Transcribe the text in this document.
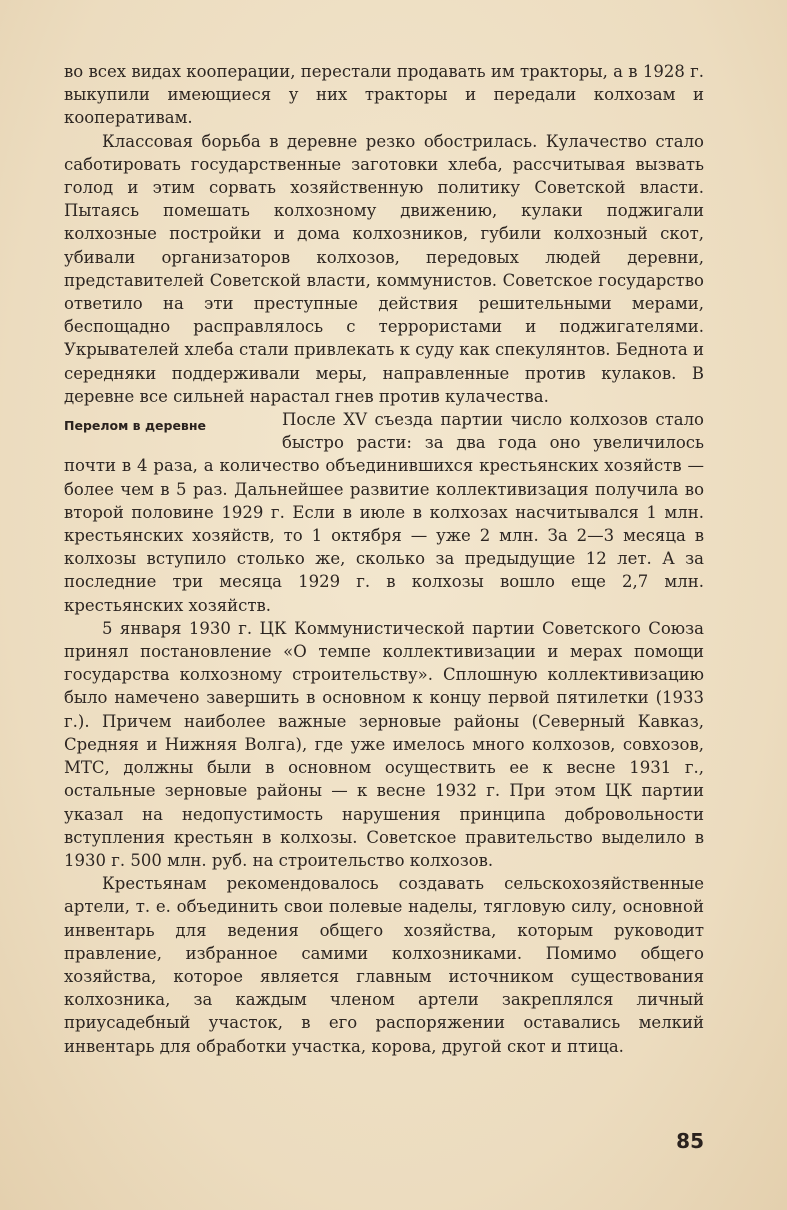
во всех видах кооперации, перестали продавать им тракторы, а в 1928 г. выкупили имеющиеся у них тракторы и передали колхозам и кооперативам.

Классовая борьба в деревне резко обострилась. Кулачество стало саботировать государственные заготовки хлеба, рассчитывая вызвать голод и этим сорвать хозяйственную политику Советской власти. Пытаясь помешать колхозному движению, кулаки поджигали колхозные постройки и дома колхозников, губили колхозный скот, убивали организаторов колхозов, передовых людей деревни, представителей Советской власти, коммунистов. Советское государство ответило на эти преступные действия решительными мерами, беспощадно расправлялось с террористами и поджигателями. Укрывателей хлеба стали привлекать к суду как спекулянтов. Беднота и середняки поддерживали меры, направленные против кулаков. В деревне все сильней нарастал гнев против кулачества.

Перелом в деревне	После XV съезда партии число колхозов стало быстро расти: за два года оно увеличилось почти в 4 раза, а количество объединившихся крестьянских хозяйств — более чем в 5 раз. Дальнейшее развитие коллективизация получила во второй половине 1929 г. Если в июле в колхозах насчитывался 1 млн. крестьянских хозяйств, то 1 октября — уже 2 млн. За 2—3 месяца в колхозы вступило столько же, сколько за предыдущие 12 лет. А за последние три месяца 1929 г. в колхозы вошло еще 2,7 млн. крестьянских хозяйств.

5 января 1930 г. ЦК Коммунистической партии Советского Союза принял постановление «О темпе коллективизации и мерах помощи государства колхозному строительству». Сплошную коллективизацию было намечено завершить в основном к концу первой пятилетки (1933 г.). Причем наиболее важные зерновые районы (Северный Кавказ, Средняя и Нижняя Волга), где уже имелось много колхозов, совхозов, МТС, должны были в основном осуществить ее к весне 1931 г., остальные зерновые районы — к весне 1932 г. При этом ЦК партии указал на недопустимость нарушения принципа добровольности вступления крестьян в колхозы. Советское правительство выделило в 1930 г. 500 млн. руб. на строительство колхозов.

Крестьянам рекомендовалось создавать сельскохозяйственные артели, т. е. объединить свои полевые наделы, тягловую силу, основной инвентарь для ведения общего хозяйства, которым руководит правление, избранное самими колхозниками. Помимо общего хозяйства, которое является главным источником существования колхозника, за каждым членом артели закреплялся личный приусадебный участок, в его распоряжении оставались мелкий инвентарь для обработки участка, корова, другой скот и птица.

85
